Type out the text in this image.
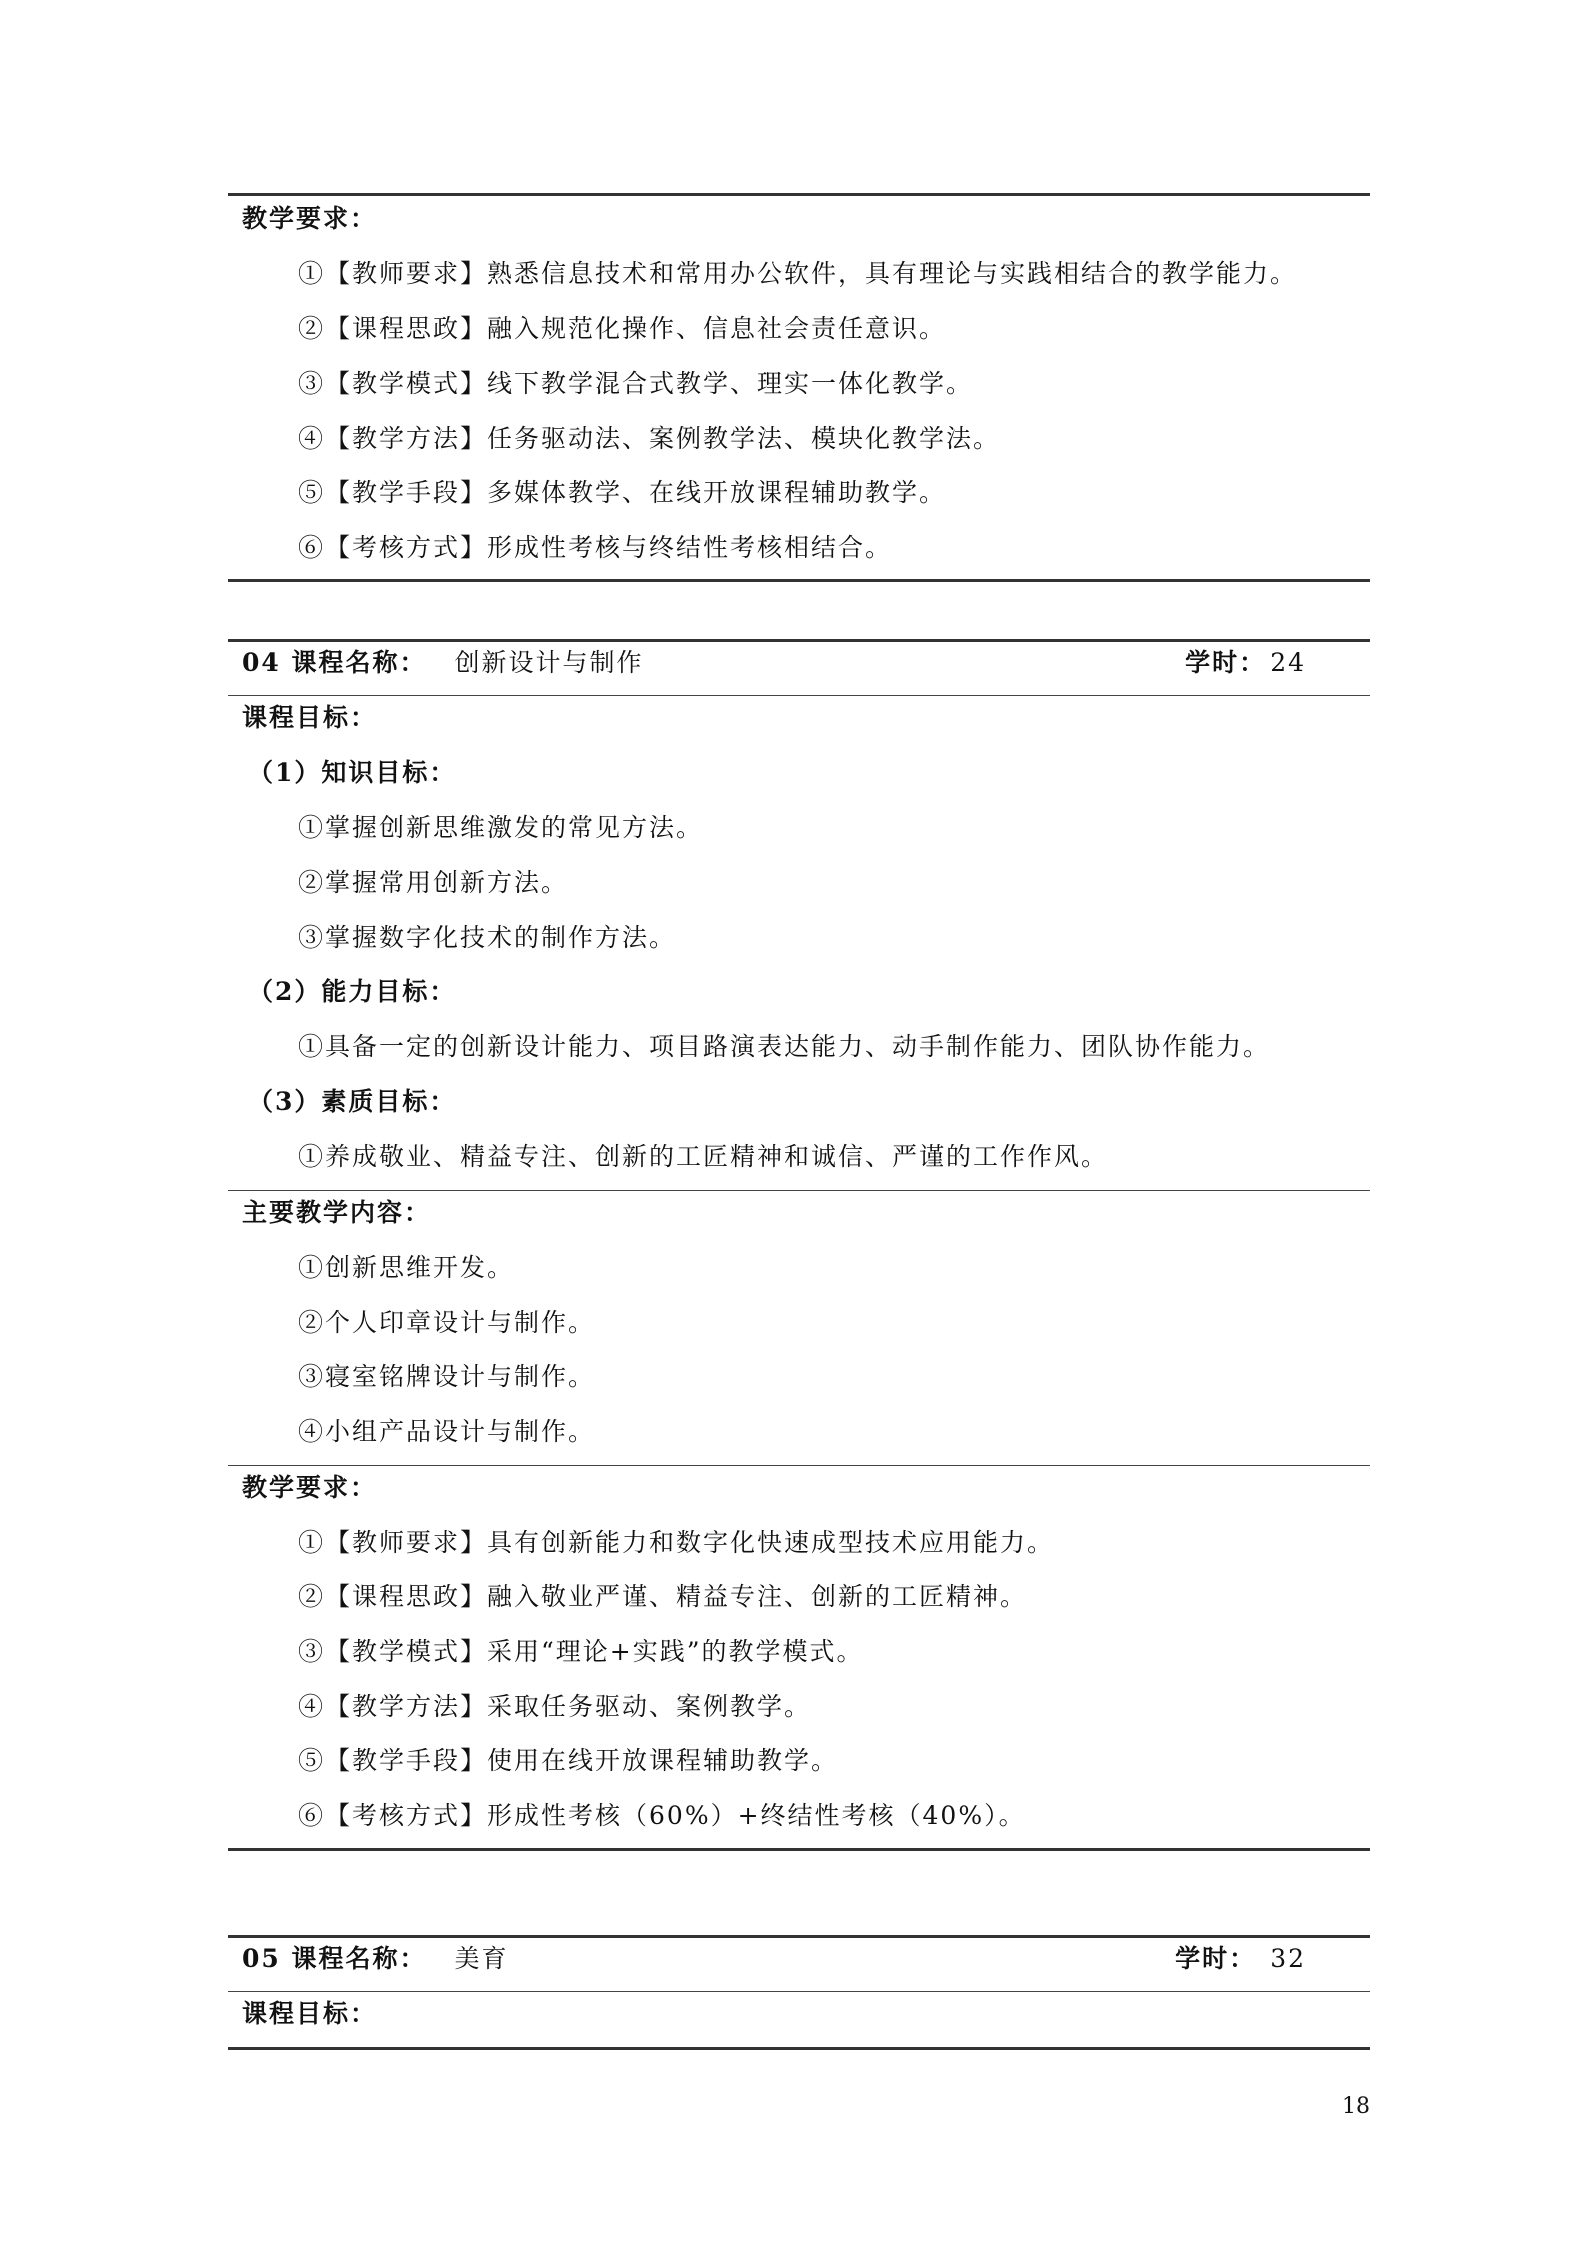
教学要求：
①【教师要求】熟悉信息技术和常用办公软件，具有理论与实践相结合的教学能力。
②【课程思政】融入规范化操作、信息社会责任意识。
③【教学模式】线下教学混合式教学、理实一体化教学。
④【教学方法】任务驱动法、案例教学法、模块化教学法。
⑤【教学手段】多媒体教学、在线开放课程辅助教学。
⑥【考核方式】形成性考核与终结性考核相结合。
04 课程名称： 创新设计与制作	学时： 24
课程目标：
（1）知识目标：
①掌握创新思维激发的常见方法。
②掌握常用创新方法。
③掌握数字化技术的制作方法。
（2）能力目标：
①具备一定的创新设计能力、项目路演表达能力、动手制作能力、团队协作能力。
（3）素质目标：
①养成敬业、精益专注、创新的工匠精神和诚信、严谨的工作作风。
主要教学内容：
①创新思维开发。
②个人印章设计与制作。
③寝室铭牌设计与制作。
④小组产品设计与制作。
教学要求：
①【教师要求】具有创新能力和数字化快速成型技术应用能力。
②【课程思政】融入敬业严谨、精益专注、创新的工匠精神。
③【教学模式】采用“理论+实践”的教学模式。
④【教学方法】采取任务驱动、案例教学。
⑤【教学手段】使用在线开放课程辅助教学。
⑥【考核方式】形成性考核（60%）+终结性考核（40%）。
05 课程名称： 美育	学时： 32
课程目标：
18
